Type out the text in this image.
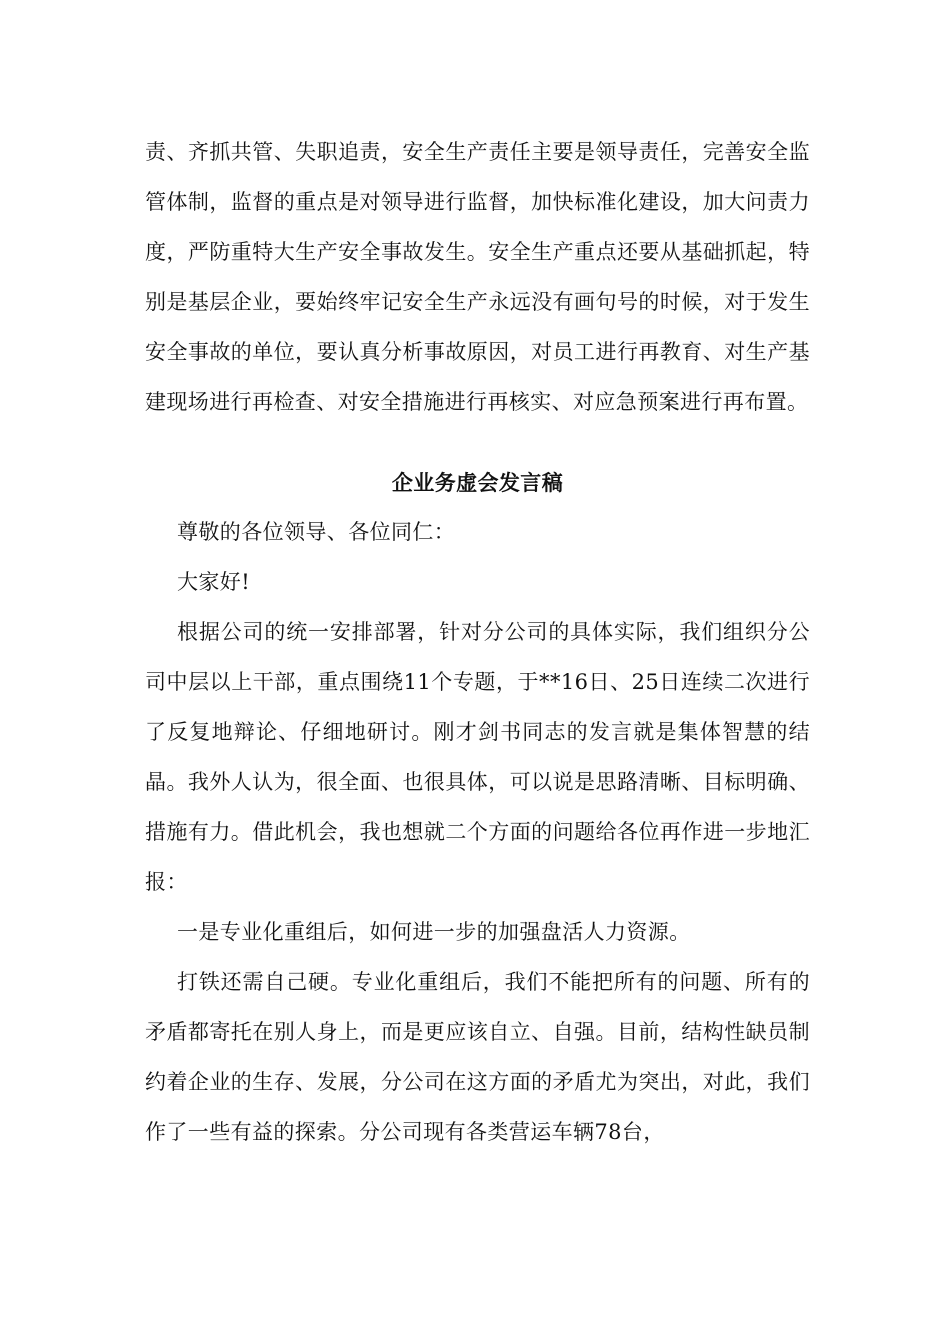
责、齐抓共管、失职追责，安全生产责任主要是领导责任，完善安全监管体制，监督的重点是对领导进行监督，加快标准化建设，加大问责力度，严防重特大生产安全事故发生。安全生产重点还要从基础抓起，特别是基层企业，要始终牢记安全生产永远没有画句号的时候，对于发生安全事故的单位，要认真分析事故原因，对员工进行再教育、对生产基建现场进行再检查、对安全措施进行再核实、对应急预案进行再布置。

企业务虚会发言稿

尊敬的各位领导、各位同仁：

大家好!

根据公司的统一安排部署，针对分公司的具体实际，我们组织分公司中层以上干部，重点围绕11个专题，于**16日、25日连续二次进行了反复地辩论、仔细地研讨。刚才剑书同志的发言就是集体智慧的结晶。我外人认为，很全面、也很具体，可以说是思路清晰、目标明确、措施有力。借此机会，我也想就二个方面的问题给各位再作进一步地汇报：

一是专业化重组后，如何进一步的加强盘活人力资源。

打铁还需自己硬。专业化重组后，我们不能把所有的问题、所有的矛盾都寄托在别人身上，而是更应该自立、自强。目前，结构性缺员制约着企业的生存、发展，分公司在这方面的矛盾尤为突出，对此，我们作了一些有益的探索。分公司现有各类营运车辆78台，
